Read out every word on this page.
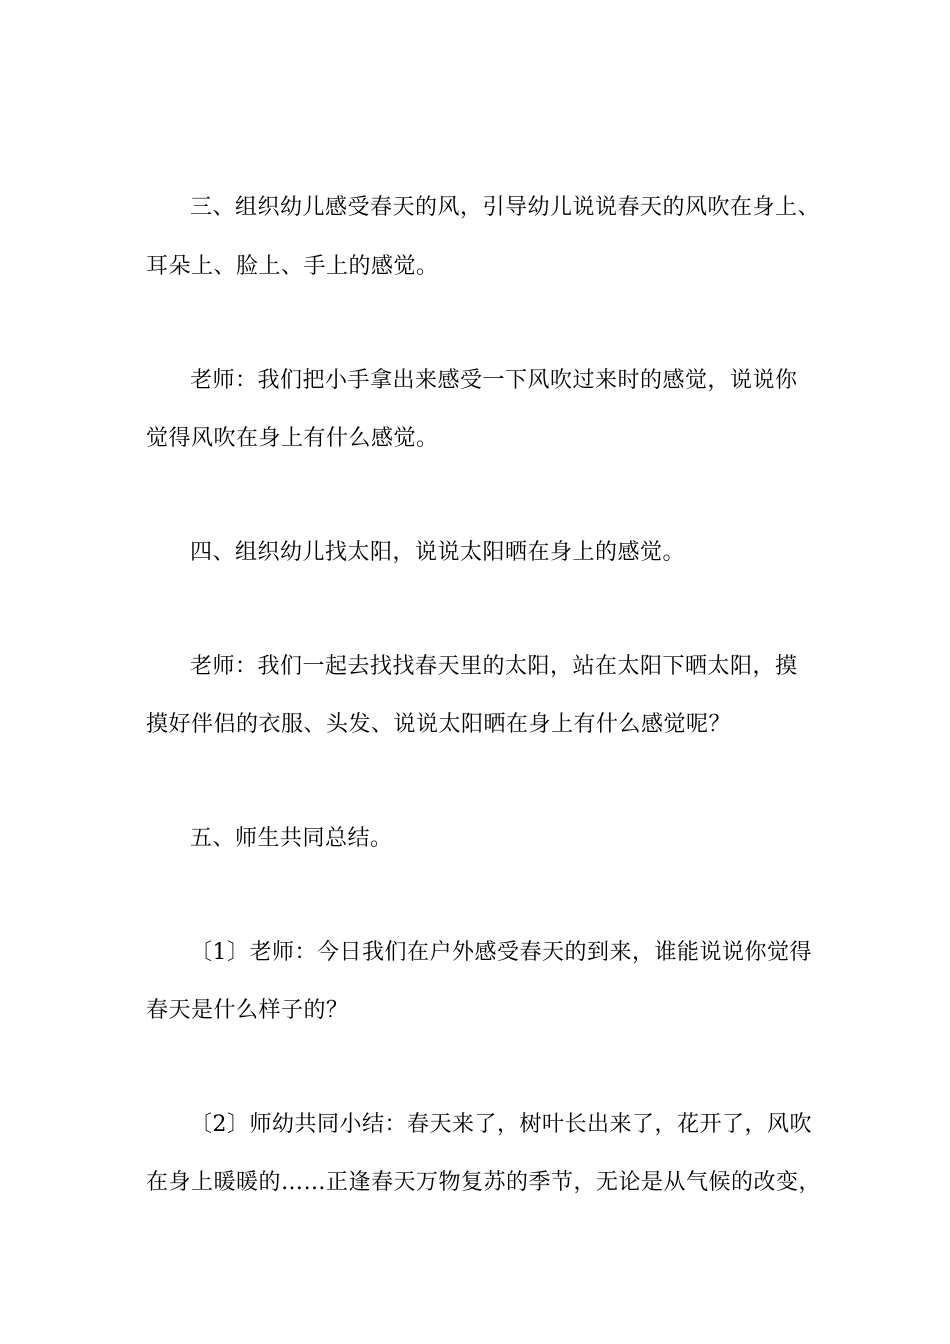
三、组织幼儿感受春天的风，引导幼儿说说春天的风吹在身上、
耳朵上、脸上、手上的感觉。
老师：我们把小手拿出来感受一下风吹过来时的感觉，说说你
觉得风吹在身上有什么感觉。
四、组织幼儿找太阳，说说太阳晒在身上的感觉。
老师：我们一起去找找春天里的太阳，站在太阳下晒太阳，摸
摸好伴侣的衣服、头发、说说太阳晒在身上有什么感觉呢？
五、师生共同总结。
〔1〕老师：今日我们在户外感受春天的到来，谁能说说你觉得
春天是什么样子的？
〔2〕师幼共同小结：春天来了，树叶长出来了，花开了，风吹
在身上暖暖的……正逢春天万物复苏的季节，无论是从气候的改变，
